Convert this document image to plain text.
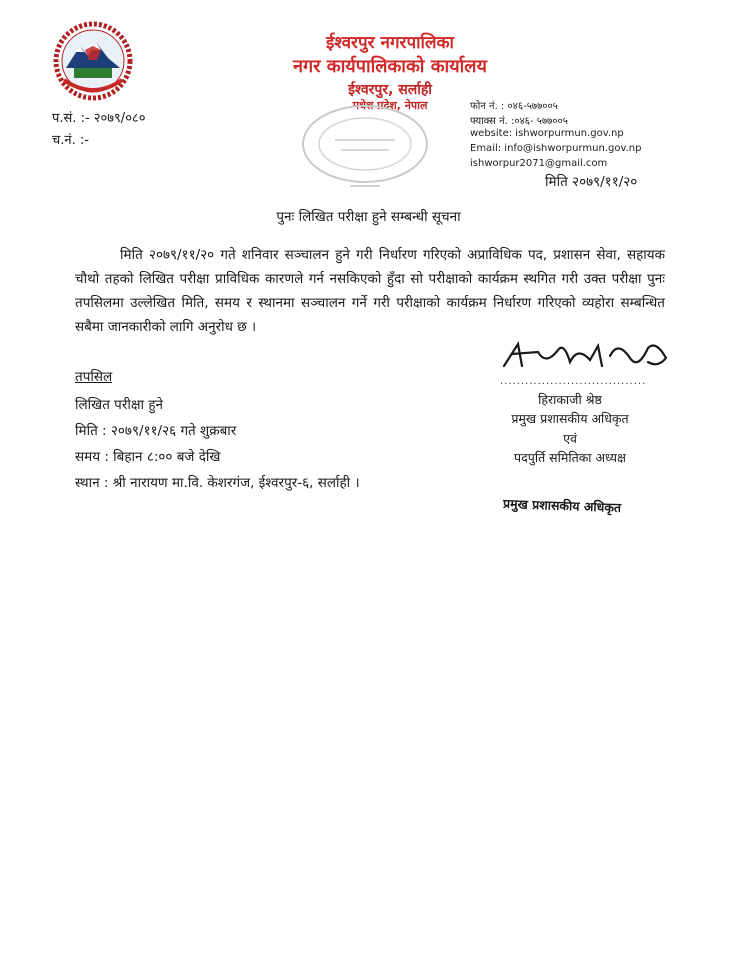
ईश्वरपुर नगरपालिका
नगर कार्यपालिकाको कार्यालय
ईश्वरपुर, सर्लाही
मधेश प्रदेश, नेपाल
प.सं. :- २०७९/०८०
च.नं. :-
फोन नं. : ०४६-५७७००५
फ्याक्स नं. :०४६- ५७७००५
website: ishworpurmun.gov.np
Email: info@ishworpurmun.gov.np
ishworpur2071@gmail.com
मिति २०७९/११/२०
पुनः लिखित परीक्षा हुने सम्बन्धी सूचना
मिति २०७९/११/२० गते शनिवार सञ्चालन हुने गरी निर्धारण गरिएको अप्राविधिक पद, प्रशासन सेवा, सहायक चौथो तहको लिखित परीक्षा प्राविधिक कारणले गर्न नसकिएको हुँदा सो परीक्षाको कार्यक्रम स्थगित गरी उक्त परीक्षा पुनः तपसिलमा उल्लेखित मिति, समय र स्थानमा सञ्चालन गर्ने गरी परीक्षाको कार्यक्रम निर्धारण गरिएको व्यहोरा सम्बन्धित सबैमा जानकारीको लागि अनुरोध छ ।
...................................
हिराकाजी श्रेष्ठ
प्रमुख प्रशासकीय अधिकृत
एवं
पदपुर्ति समितिका अध्यक्ष
तपसिल
लिखित परीक्षा हुने
मिति : २०७९/११/२६ गते शुक्रबार
समय : बिहान ८:०० बजे देखि
स्थान : श्री नारायण मा.वि. केशरगंज, ईश्वरपुर-६, सर्लाही ।
प्रमुख प्रशासकीय अधिकृत
